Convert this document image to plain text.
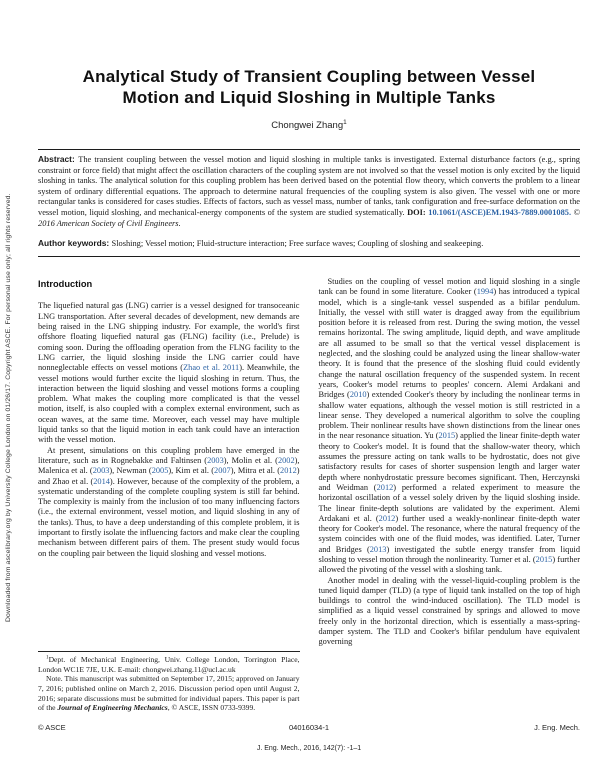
Downloaded from ascelibrary.org by University College London on 01/26/17. Copyright ASCE. For personal use only; all rights reserved.
Analytical Study of Transient Coupling between Vessel
Motion and Liquid Sloshing in Multiple Tanks
Chongwei Zhang$^1$

Abstract: The transient coupling between the vessel motion and liquid sloshing in multiple tanks is investigated. External disturbance factors (e.g., spring constraint or force field) that might affect the oscillation characters of the coupling system are not involved so that the vessel motion is only excited by the liquid sloshing in tanks. The analytical solution for this coupling problem has been derived based on the potential flow theory, which converts the problem to a linear system of ordinary differential equations. The approach to determine natural frequencies of the coupling system is also given. The vessel with one or more rectangular tanks is considered for cases studies. Effects of factors, such as vessel mass, number of tanks, tank configuration and free-surface deformation on the vessel motion, liquid sloshing, and mechanical-energy components of the system are studied systematically. DOI: 10.1061/(ASCE)EM.1943-7889.0001085. © 2016 American Society of Civil Engineers.

Author keywords: Sloshing; Vessel motion; Fluid-structure interaction; Free surface waves; Coupling of sloshing and seakeeping.

Introduction

The liquefied natural gas (LNG) carrier is a vessel designed for transoceanic LNG transportation. After several decades of development, new demands are being raised in the LNG shipping industry. For example, the world's first offshore floating liquefied natural gas (FLNG) facility (i.e., Prelude) is coming soon. During the offloading operation from the FLNG facility to the LNG carrier, the liquid sloshing inside the LNG carrier could have nonneglectable effects on vessel motions (Zhao et al. 2011). Meanwhile, the vessel motions would further excite the liquid sloshing in return. Thus, the interaction between the liquid sloshing and vessel motions forms a coupling problem. What makes the coupling more complicated is that the vessel motion, itself, is also coupled with a complex external environment, such as ocean waves, at the same time. Moreover, each vessel may have multiple liquid tanks so that the liquid motion in each tank could have an interaction with the vessel motion.

At present, simulations on this coupling problem have emerged in the literature, such as in Rognebakke and Faltinsen (2003), Molin et al. (2002), Malenica et al. (2003), Newman (2005), Kim et al. (2007), Mitra et al. (2012) and Zhao et al. (2014). However, because of the complexity of the problem, a systematic understanding of the complete coupling system is still far behind. The complexity is mainly from the inclusion of too many influencing factors (i.e., the external environment, vessel motion, and liquid sloshing in any of the tanks). Thus, to have a deep understanding of this complete problem, it is important to firstly isolate the influencing factors and make clear the coupling mechanism between different pairs of them. The present study would focus on the coupling pair between the liquid sloshing and vessel motions.

$^1$Dept. of Mechanical Engineering, Univ. College London, Torrington Place, London WC1E 7JE, U.K. E-mail: chongwei.zhang.11@ucl.ac.uk

Note. This manuscript was submitted on September 17, 2015; approved on January 7, 2016; published online on March 2, 2016. Discussion period open until August 2, 2016; separate discussions must be submitted for individual papers. This paper is part of the Journal of Engineering Mechanics, © ASCE, ISSN 0733-9399.

Studies on the coupling of vessel motion and liquid sloshing in a single tank can be found in some literature. Cooker (1994) has introduced a typical model, which is a single-tank vessel suspended as a bifilar pendulum. Initially, the vessel with still water is dragged away from the equilibrium position before it is released from rest. During the swing motion, the vessel remains horizontal. The swing amplitude, liquid depth, and wave amplitude are all assumed to be small so that the vertical vessel displacement is neglected, and the sloshing could be analyzed using the linear shallow-water theory. It is found that the presence of the sloshing fluid could evidently change the natural oscillation frequency of the suspended system. In recent years, Cooker's model returns to peoples' concern. Alemi Ardakani and Bridges (2010) extended Cooker's theory by including the nonlinear terms in shallow water equations, although the vessel motion is still restricted in a linear sense. They developed a numerical algorithm to solve the coupling problem. Their nonlinear results have shown distinctions from the linear ones in the near resonance situation. Yu (2015) applied the linear finite-depth water theory to Cooker's model. It is found that the shallow-water theory, which assumes the pressure acting on tank walls to be hydrostatic, does not give satisfactory results for cases of shorter suspension length and larger water depth where nonhydrostatic pressure becomes significant. Then, Herczynski and Weidman (2012) performed a related experiment to measure the horizontal oscillation of a vessel solely driven by the liquid sloshing inside. The linear finite-depth solutions are validated by the experiment. Alemi Ardakani et al. (2012) further used a weakly-nonlinear finite-depth water theory for Cooker's model. The resonance, where the natural frequency of the system coincides with one of the fluid modes, was identified. Later, Turner and Bridges (2013) investigated the subtle energy transfer from liquid sloshing to vessel motion through the nonlinearity. Turner et al. (2015) further allowed the pivoting of the vessel with a sloshing tank.

Another model in dealing with the vessel-liquid-coupling problem is the tuned liquid damper (TLD) (a type of liquid tank installed on the top of high buildings to control the wind-induced oscillation). The TLD model is simplified as a liquid vessel constrained by springs and allowed to move freely only in the horizontal direction, which is essentially a mass-spring-damper system. The TLD and Cooker's bifilar pendulum have equivalent governing

© ASCE	04016034-1	J. Eng. Mech.
J. Eng. Mech., 2016, 142(7): -1–1
